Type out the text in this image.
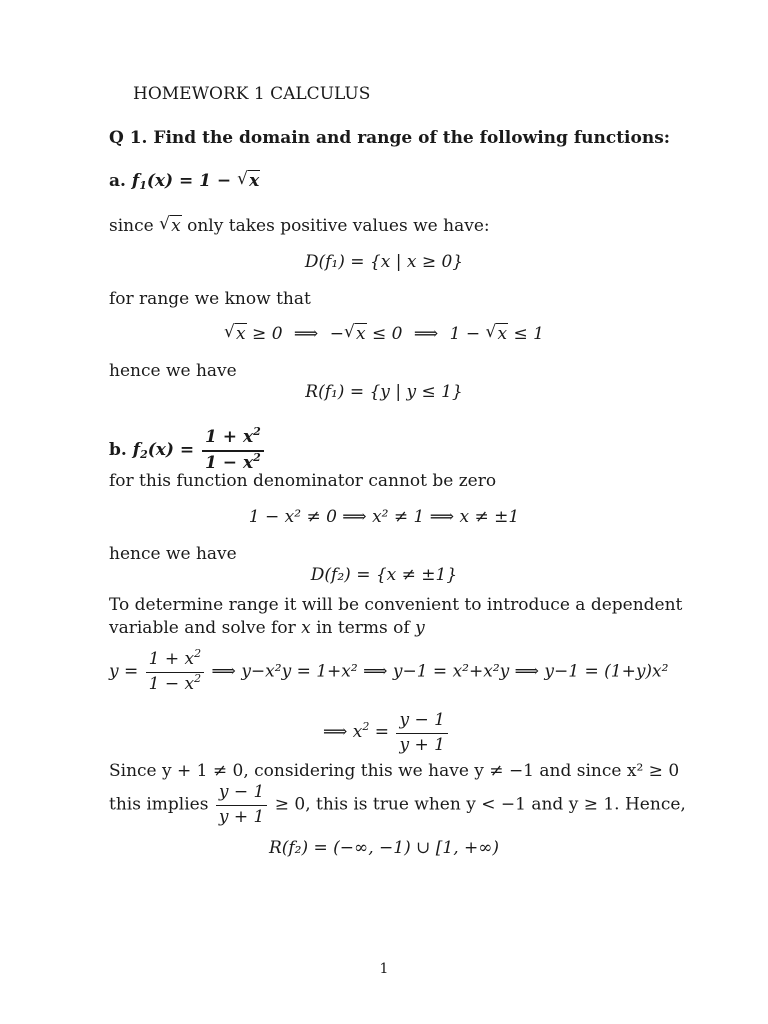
HOMEWORK 1 CALCULUS
Q 1. Find the domain and range of the following functions:
a. $f_1(x) = 1$ − √ x
since √ x only takes positive values we have:
D(f₁) = {x | x ≥ 0}
for range we know that
√ x ≥ 0 ⟹ − √ x ≤ 0 ⟹ 1 − √ x ≤ 1
hence we have
R(f₁) = {y | y ≤ 1}
b. $f_2(x) = \frac{1 + x^2}{1 - x^2}$
for this function denominator cannot be zero
1 − x² ≠ 0 ⟹ x² ≠ 1 ⟹ x ≠ ±1
hence we have
D(f₂) = {x ≠ ±1}
To determine range it will be convenient to introduce a dependent
variable and solve for x in terms of y
$y = \frac{1 + x^2}{1 - x^2}$ ⟹ y−x²y = 1+x² ⟹ y−1 = x²+x²y ⟹ y−1 = (1+y)x²
⟹ $x^2 = \frac{y - 1}{y + 1}$
Since y + 1 ≠ 0, considering this we have y ≠ −1 and since x² ≥ 0
this implies $\frac{y - 1}{y + 1} \ge 0$, this is true when y < −1 and y ≥ 1. Hence,
R(f₂) = (−∞, −1) ∪ [1, +∞)
1
